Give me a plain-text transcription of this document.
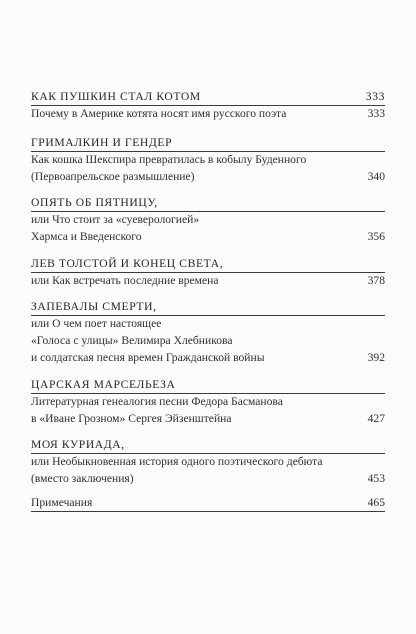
КАК ПУШКИН СТАЛ КОТОМ	333
Почему в Америке котята носят имя русского поэта	333
ГРИМАЛКИН И ГЕНДЕР
Как кошка Шекспира превратилась в кобылу Буденного
(Первоапрельское размышление)	340
ОПЯТЬ ОБ ПЯТНИЦУ,
или Что стоит за «суеверологией»
Хармса и Введенского	356
ЛЕВ ТОЛСТОЙ И КОНЕЦ СВЕТА,
или Как встречать последние времена	378
ЗАПЕВАЛЫ СМЕРТИ,
или О чем поет настоящее
«Голоса с улицы» Велимира Хлебникова
и солдатская песня времен Гражданской войны	392
ЦАРСКАЯ МАРСЕЛЬЕЗА
Литературная генеалогия песни Федора Басманова
в «Иване Грозном» Сергея Эйзенштейна	427
МОЯ КУРИАДА,
или Необыкновенная история одного поэтического дебюта
(вместо заключения)	453
Примечания	465
